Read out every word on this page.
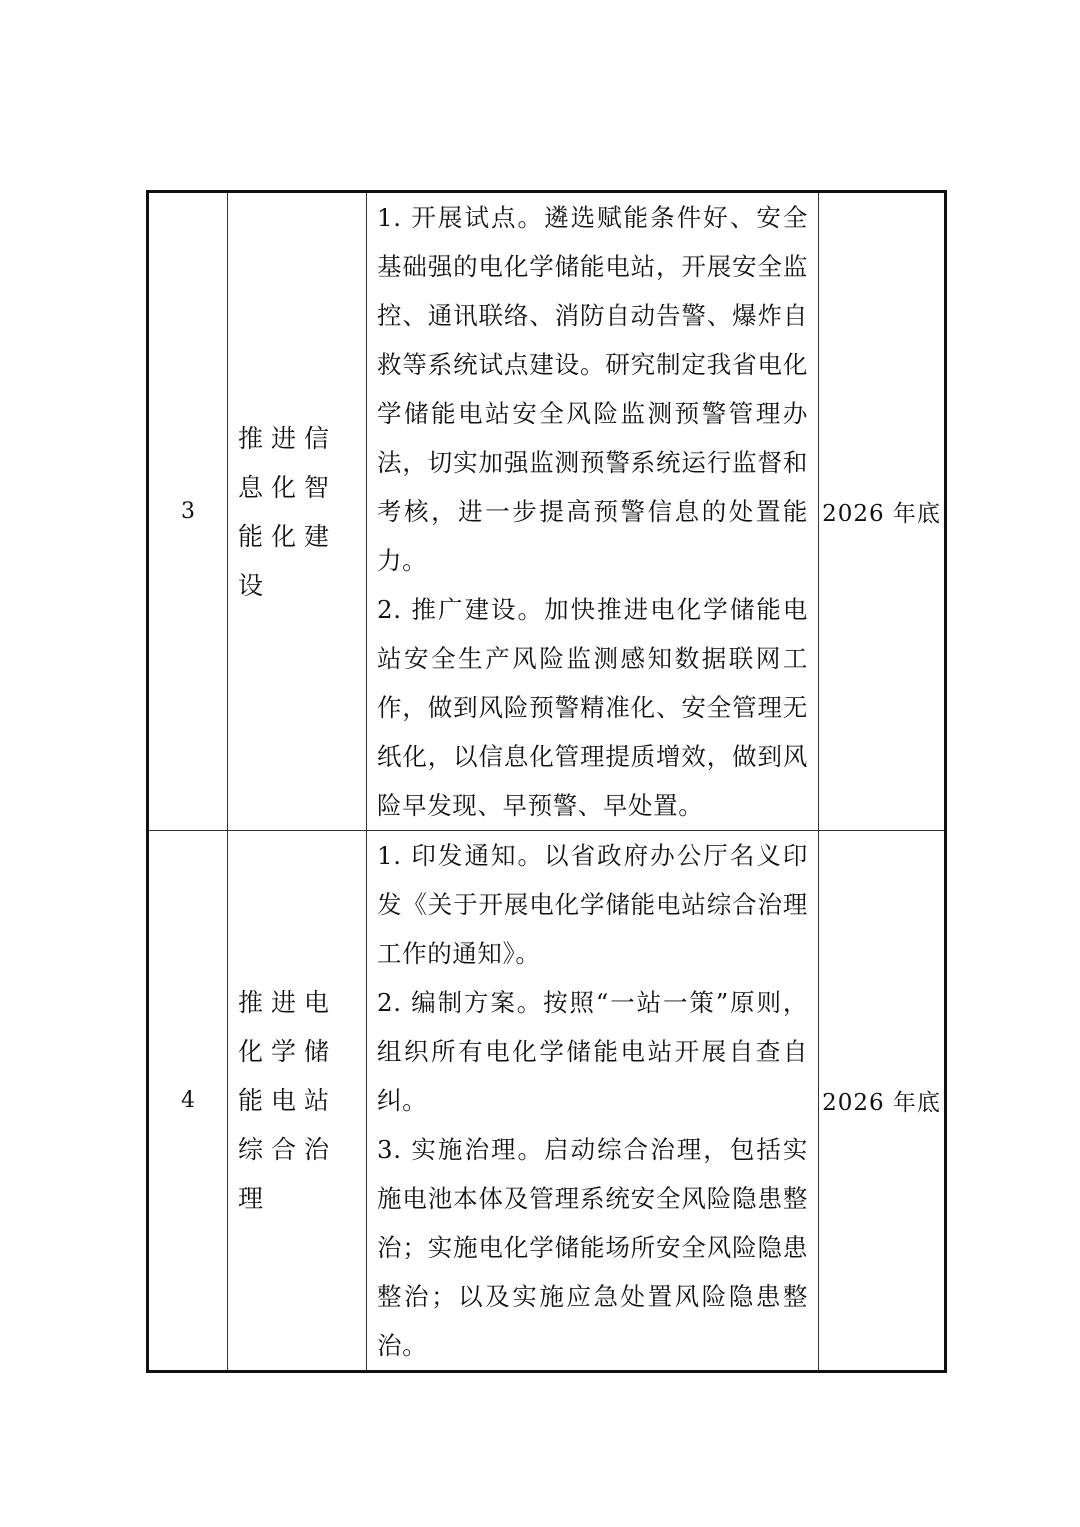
3	推进信息化智能化建设	1. 开展试点。遴选赋能条件好、安全基础强的电化学储能电站，开展安全监控、通讯联络、消防自动告警、爆炸自救等系统试点建设。研究制定我省电化学储能电站安全风险监测预警管理办法，切实加强监测预警系统运行监督和考核，进一步提高预警信息的处置能力。

2. 推广建设。加快推进电化学储能电站安全生产风险监测感知数据联网工作，做到风险预警精准化、安全管理无纸化，以信息化管理提质增效，做到风险早发现、早预警、早处置。	2026 年底
4	推进电化学储能电站综合治理	1. 印发通知。以省政府办公厅名义印发《关于开展电化学储能电站综合治理工作的通知》。

2. 编制方案。按照“一站一策”原则，组织所有电化学储能电站开展自查自纠。

3. 实施治理。启动综合治理，包括实施电池本体及管理系统安全风险隐患整治；实施电化学储能场所安全风险隐患整治；以及实施应急处置风险隐患整治。	2026 年底
